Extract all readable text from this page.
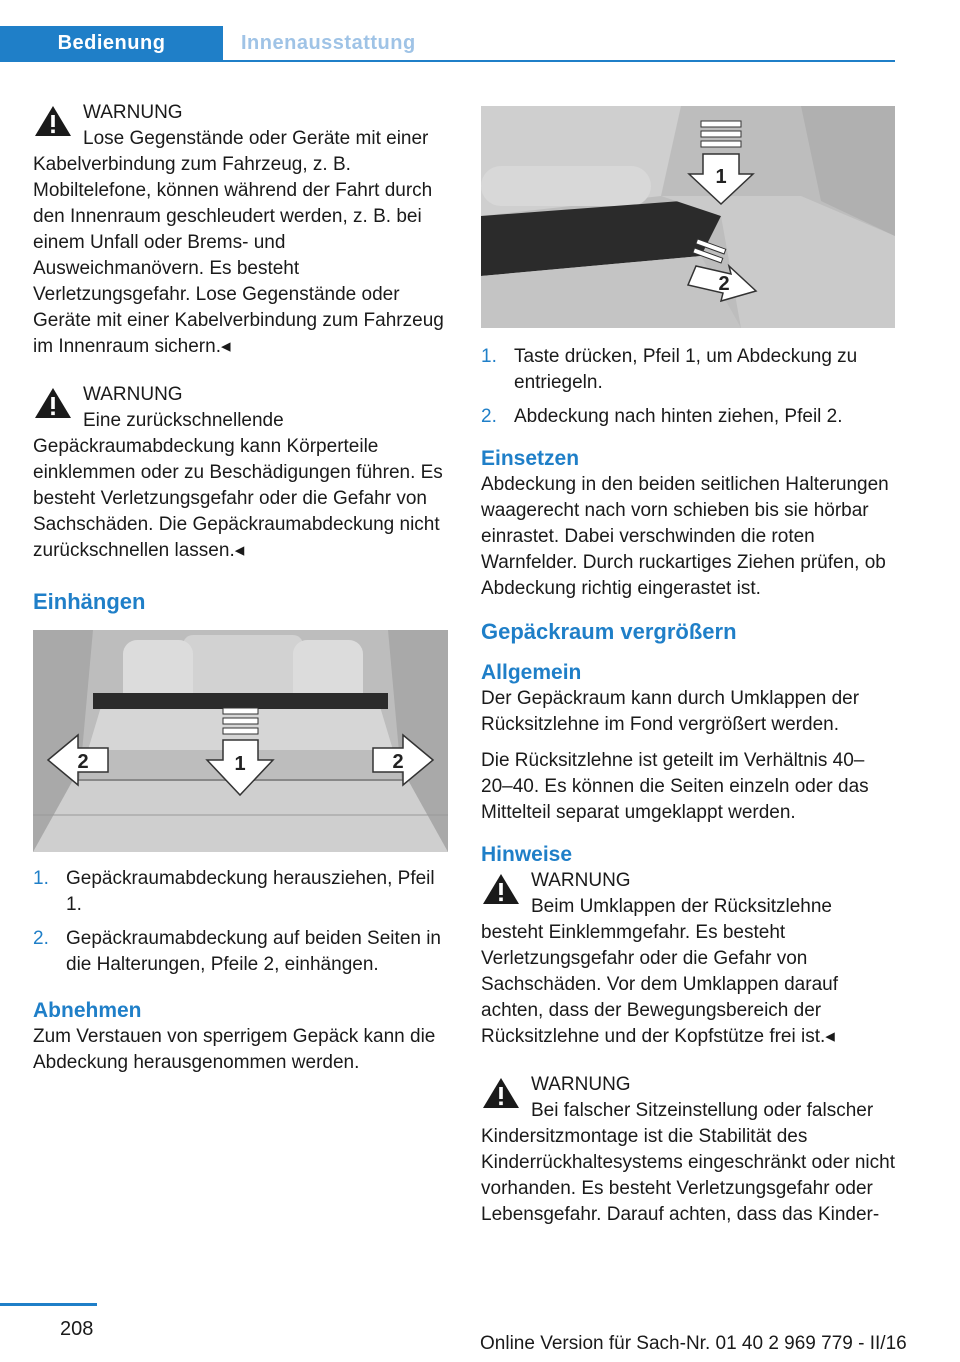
Bedienung	Innenausstattung
WARNUNG
Lose Gegenstände oder Geräte mit einer Kabelverbindung zum Fahrzeug, z. B. Mobiltelefone, können während der Fahrt durch den Innenraum geschleudert werden, z. B. bei einem Unfall oder Brems- und Ausweichmanövern. Es besteht Verletzungsgefahr. Lose Gegenstände oder Geräte mit einer Kabelverbindung zum Fahrzeug im Innenraum sichern.◂
WARNUNG
Eine zurückschnellende Gepäckraumabdeckung kann Körperteile einklemmen oder zu Beschädigungen führen. Es besteht Verletzungsgefahr oder die Gefahr von Sachschäden. Die Gepäckraumabdeckung nicht zurückschnellen lassen.◂
Einhängen
1
2	2
1. Gepäckraumabdeckung herausziehen, Pfeil 1.
2. Gepäckraumabdeckung auf beiden Seiten in die Halterungen, Pfeile 2, einhängen.
Abnehmen

Zum Verstauen von sperrigem Gepäck kann die Abdeckung herausgenommen werden.

1
2
1. Taste drücken, Pfeil 1, um Abdeckung zu entriegeln.
2. Abdeckung nach hinten ziehen, Pfeil 2.
Einsetzen

Abdeckung in den beiden seitlichen Halterungen waagerecht nach vorn schieben bis sie hörbar einrastet. Dabei verschwinden die roten Warnfelder. Durch ruckartiges Ziehen prüfen, ob Abdeckung richtig eingerastet ist.

Gepäckraum vergrößern
Allgemein

Der Gepäckraum kann durch Umklappen der Rücksitzlehne im Fond vergrößert werden.

Die Rücksitzlehne ist geteilt im Verhältnis 40–20–40. Es können die Seiten einzeln oder das Mittelteil separat umgeklappt werden.

Hinweise
WARNUNG
Beim Umklappen der Rücksitzlehne besteht Einklemmgefahr. Es besteht Verletzungsgefahr oder die Gefahr von Sachschäden. Vor dem Umklappen darauf achten, dass der Bewegungsbereich der Rücksitzlehne und der Kopfstütze frei ist.◂
WARNUNG
Bei falscher Sitzeinstellung oder falscher Kindersitzmontage ist die Stabilität des Kinderrückhaltesystems eingeschränkt oder nicht vorhanden. Es besteht Verletzungsgefahr oder Lebensgefahr. Darauf achten, dass das Kinder-
208
Online Version für Sach-Nr. 01 40 2 969 779 - II/16
